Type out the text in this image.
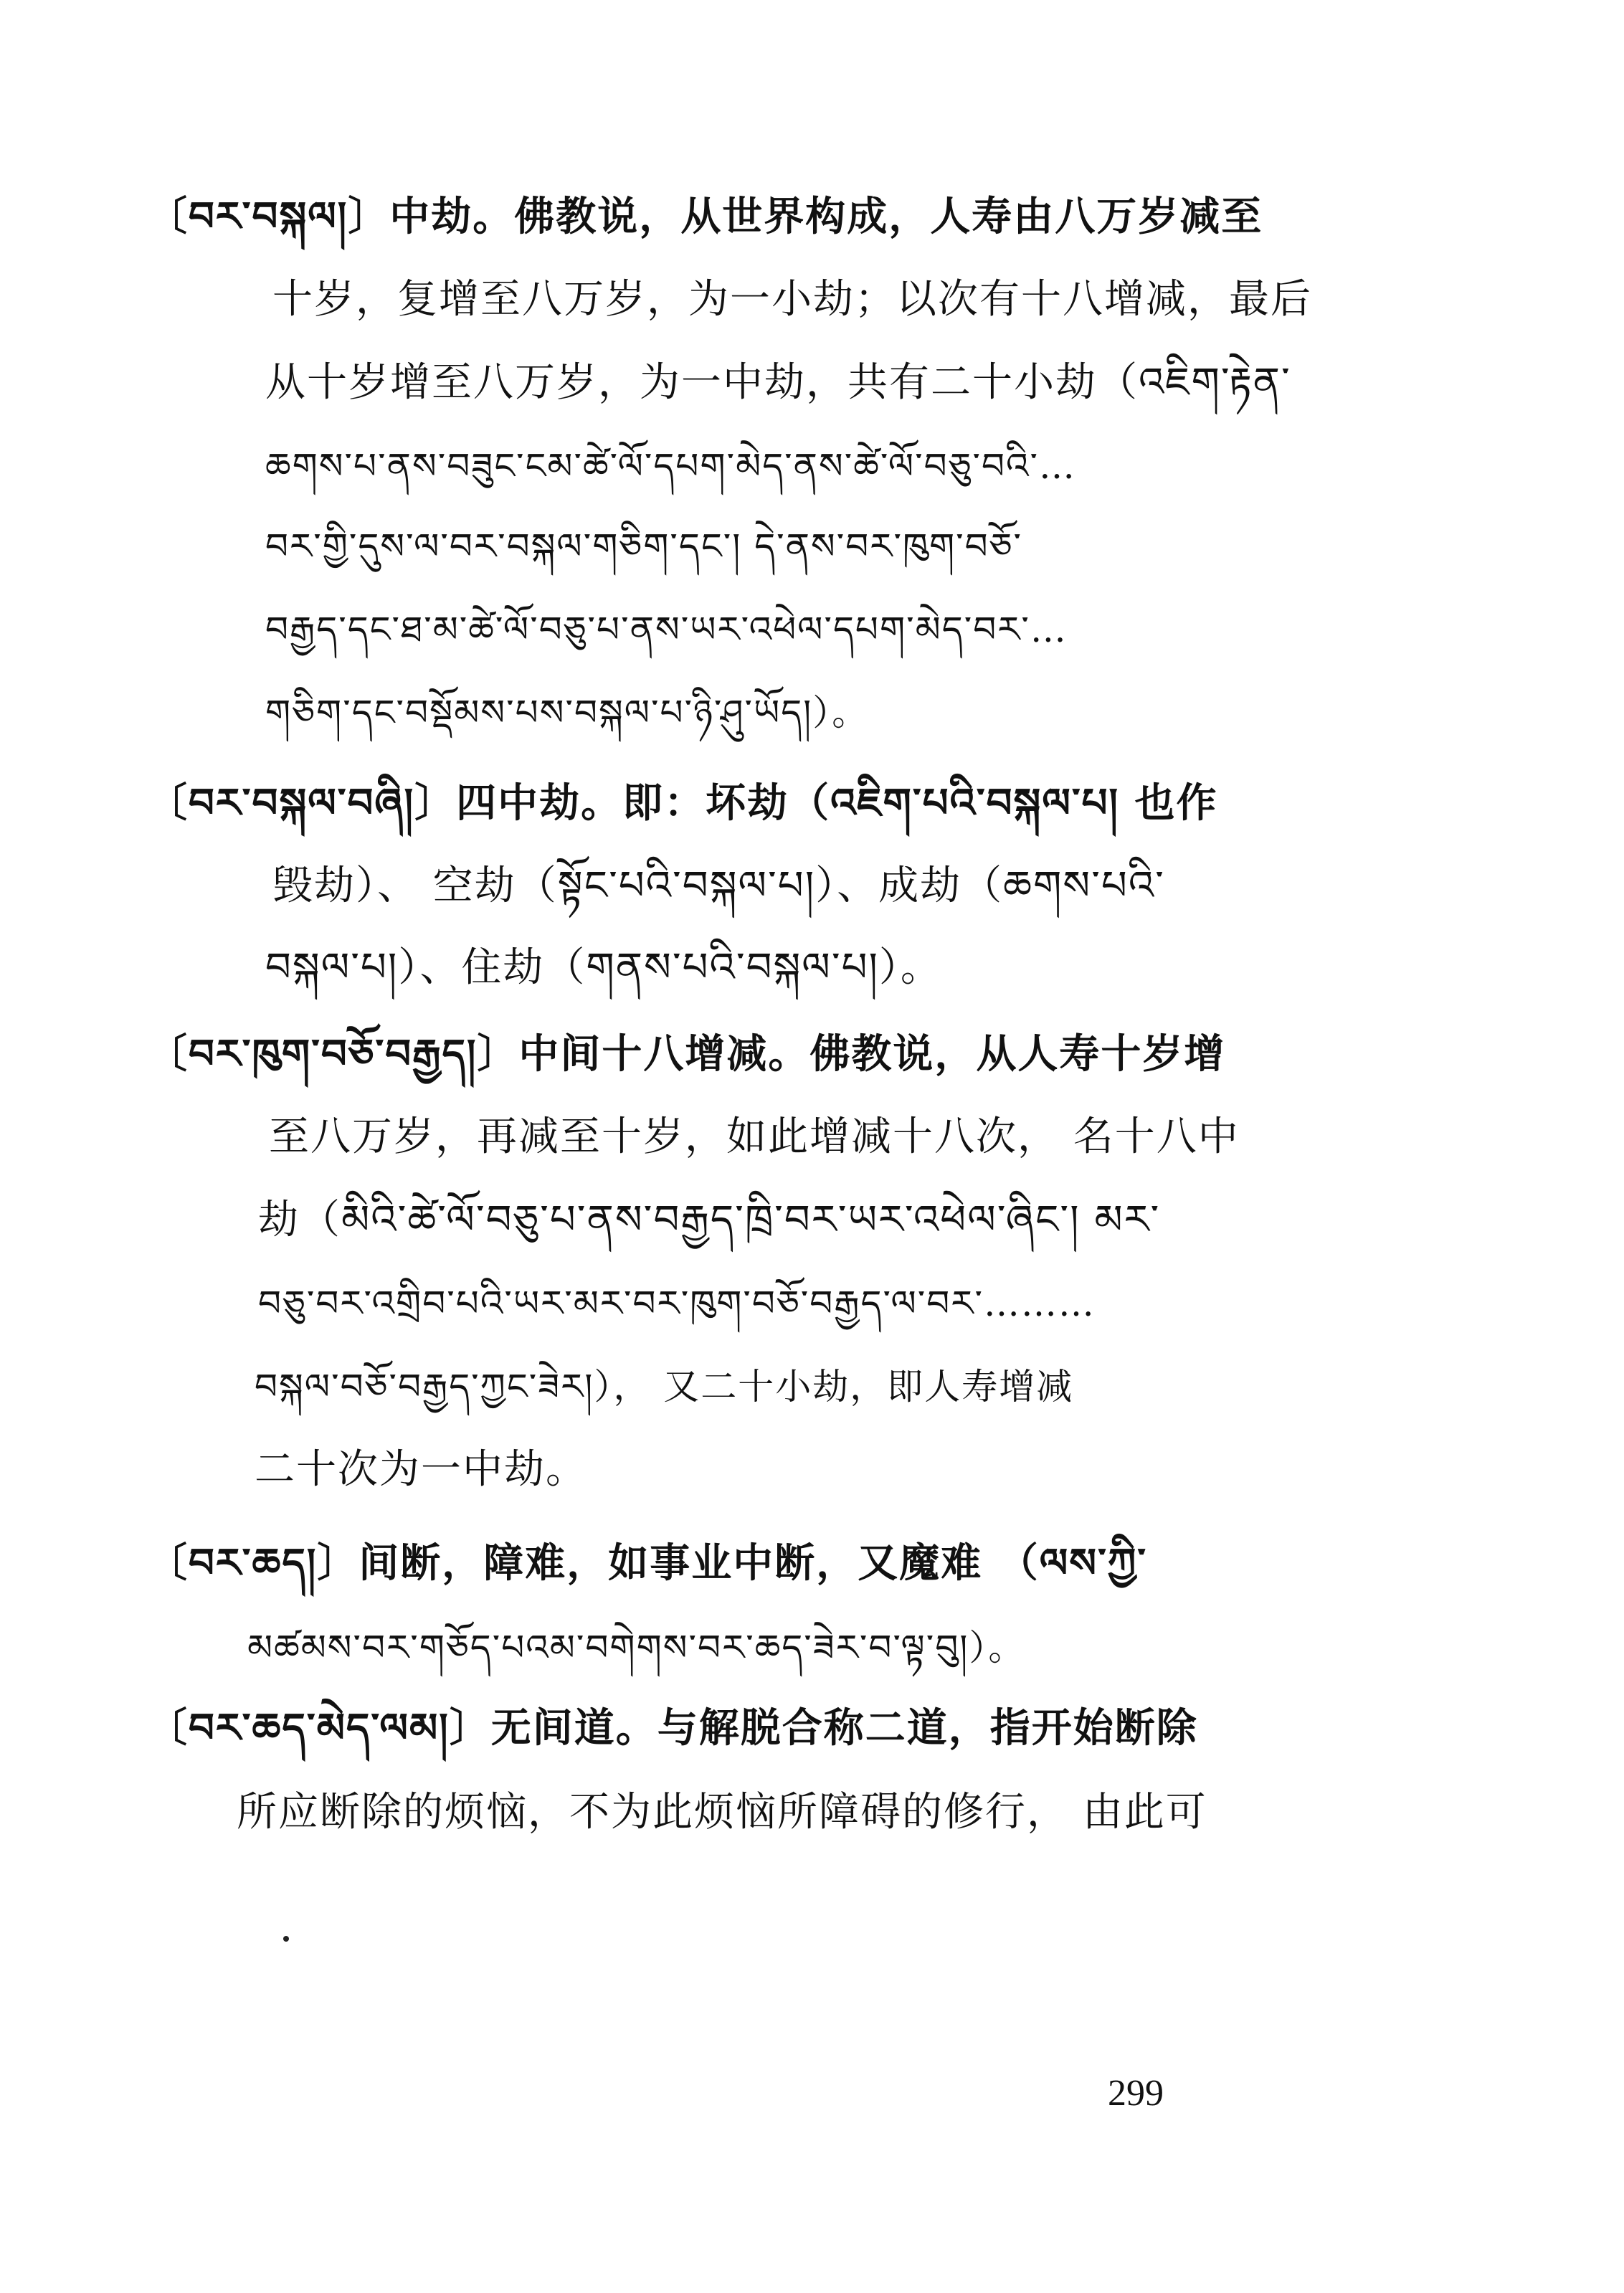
〔བར་བསྐལ།〕中劫。佛教说，从世界构成，人寿由八万岁减至
十岁，复增至八万岁，为一小劫；以次有十八增减，最后
从十岁增至八万岁，为一中劫，共有二十小劫（འཇིག་རྟེན་
ཆགས་པ་ནས་བཟུང་ངམ་ཚེ་ལོ་དཔག་མེད་ནས་ཚེ་ལོ་བཅུ་བའི་…
བར་གྱི་དུས་ལ་བར་བསྐལ་གཅིག་དང་། དེ་ནས་བར་ཁུག་བཅོ་
བརྒྱད་དང་ཐ་མ་ཚེ་ལོ་བཅུ་པ་ནས་ཡར་འཕེལ་དཔག་མེད་བར་…
གཅིག་དང་བསྡོམས་པས་བསྐལ་པ་ཉི་ཤུ་ཡོད།）。
〔བར་བསྐལ་བཞི།〕四中劫。即：坏劫（འཇིག་པའི་བསྐལ་པ། 也作
毁劫）、 空劫（སྟོང་པའི་བསྐལ་པ།）、成劫（ཆགས་པའི་
བསྐལ་པ།）、住劫（གནས་པའི་བསྐལ་པ།）。
〔བར་ཁུག་བཅོ་བརྒྱད།〕中间十八增减。佛教说，从人寿十岁增
至八万岁，再减至十岁，如此增减十八次， 名十八中
劫（མིའི་ཚེ་ལོ་བཅུ་པ་ནས་བརྒྱད་ཁྲི་བར་ཡར་འཕེལ་ཞིང་། མར་
བཅུ་བར་འགྲིབ་པའི་ཡར་མར་བར་ཁུག་བཅོ་བརྒྱད་ལ་བར་………
བསྐལ་བཅོ་བརྒྱད་ཀྱང་ཟེར།）， 又二十小劫，即人寿增减
二十次为一中劫。
〔བར་ཆད།〕间断，障难，如事业中断，又魔难 （ལས་ཀྱི་
མཚམས་བར་གཅོད་པའམ་བགེགས་བར་ཆད་ཟེར་བ་ལྟ་བུ།）。
〔བར་ཆད་མེད་ལམ།〕无间道。与解脱合称二道，指开始断除
所应断除的烦恼，不为此烦恼所障碍的修行， 由此可
299
